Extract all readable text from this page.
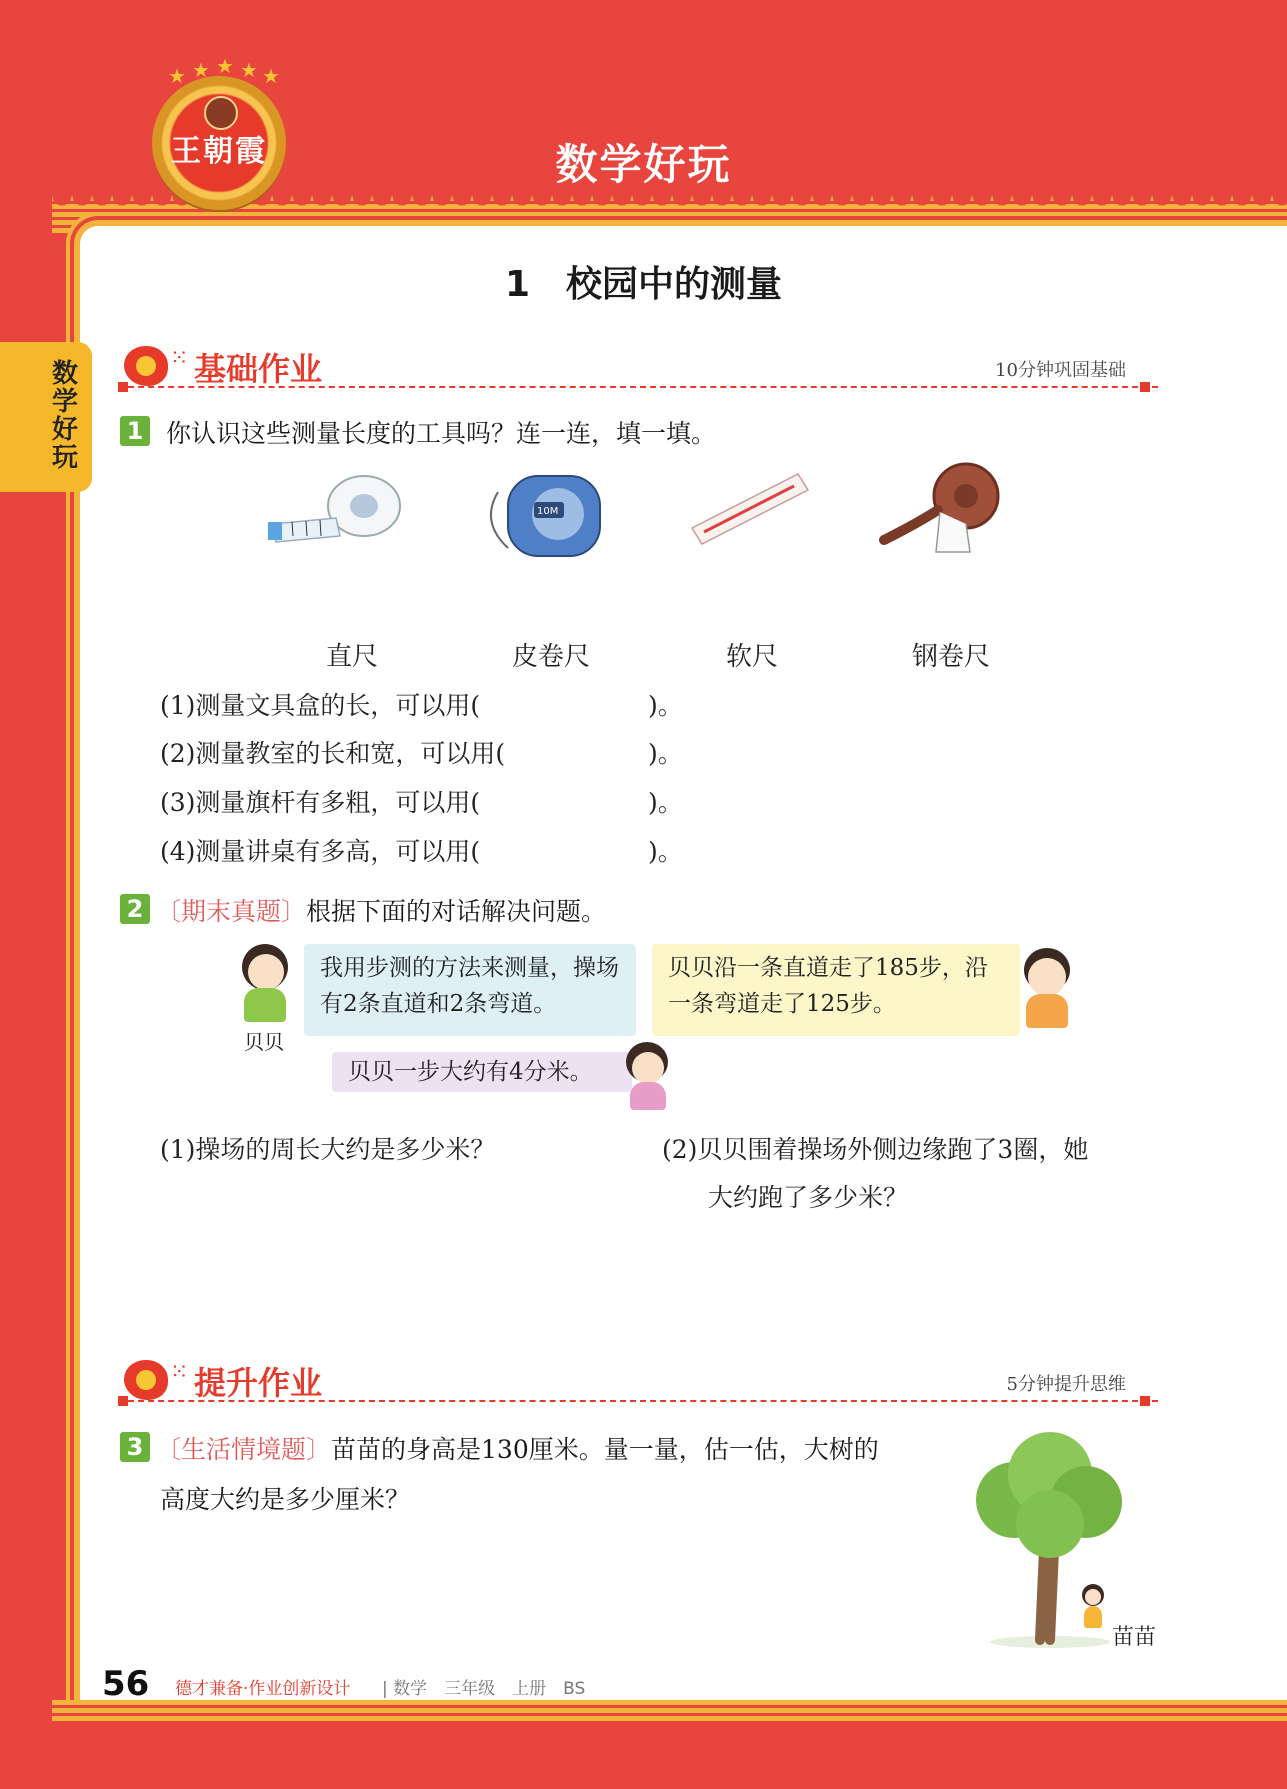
★ ★ ★ ★ ★
王朝霞	数学好玩
数学好玩
1　校园中的测量
⁙ 基础作业	10分钟巩固基础
1 你认识这些测量长度的工具吗？连一连，填一填。
10M
直尺	皮卷尺	软尺	钢卷尺
(1)测量文具盒的长，可以用(	)。
(2)测量教室的长和宽，可以用(	)。
(3)测量旗杆有多粗，可以用(	)。
(4)测量讲桌有多高，可以用(	)。
2 〔期末真题〕根据下面的对话解决问题。
贝贝
我用步测的方法来测量，操场有2条直道和2条弯道。
贝贝沿一条直道走了185步，沿一条弯道走了125步。
贝贝一步大约有4分米。
(1)操场的周长大约是多少米？	(2)贝贝围着操场外侧边缘跑了3圈，她
大约跑了多少米？
⁙ 提升作业	5分钟提升思维
3 〔生活情境题〕苗苗的身高是130厘米。量一量，估一估，大树的
高度大约是多少厘米？
苗苗
56 德才兼备·作业创新设计 | 数学　三年级　上册　BS
